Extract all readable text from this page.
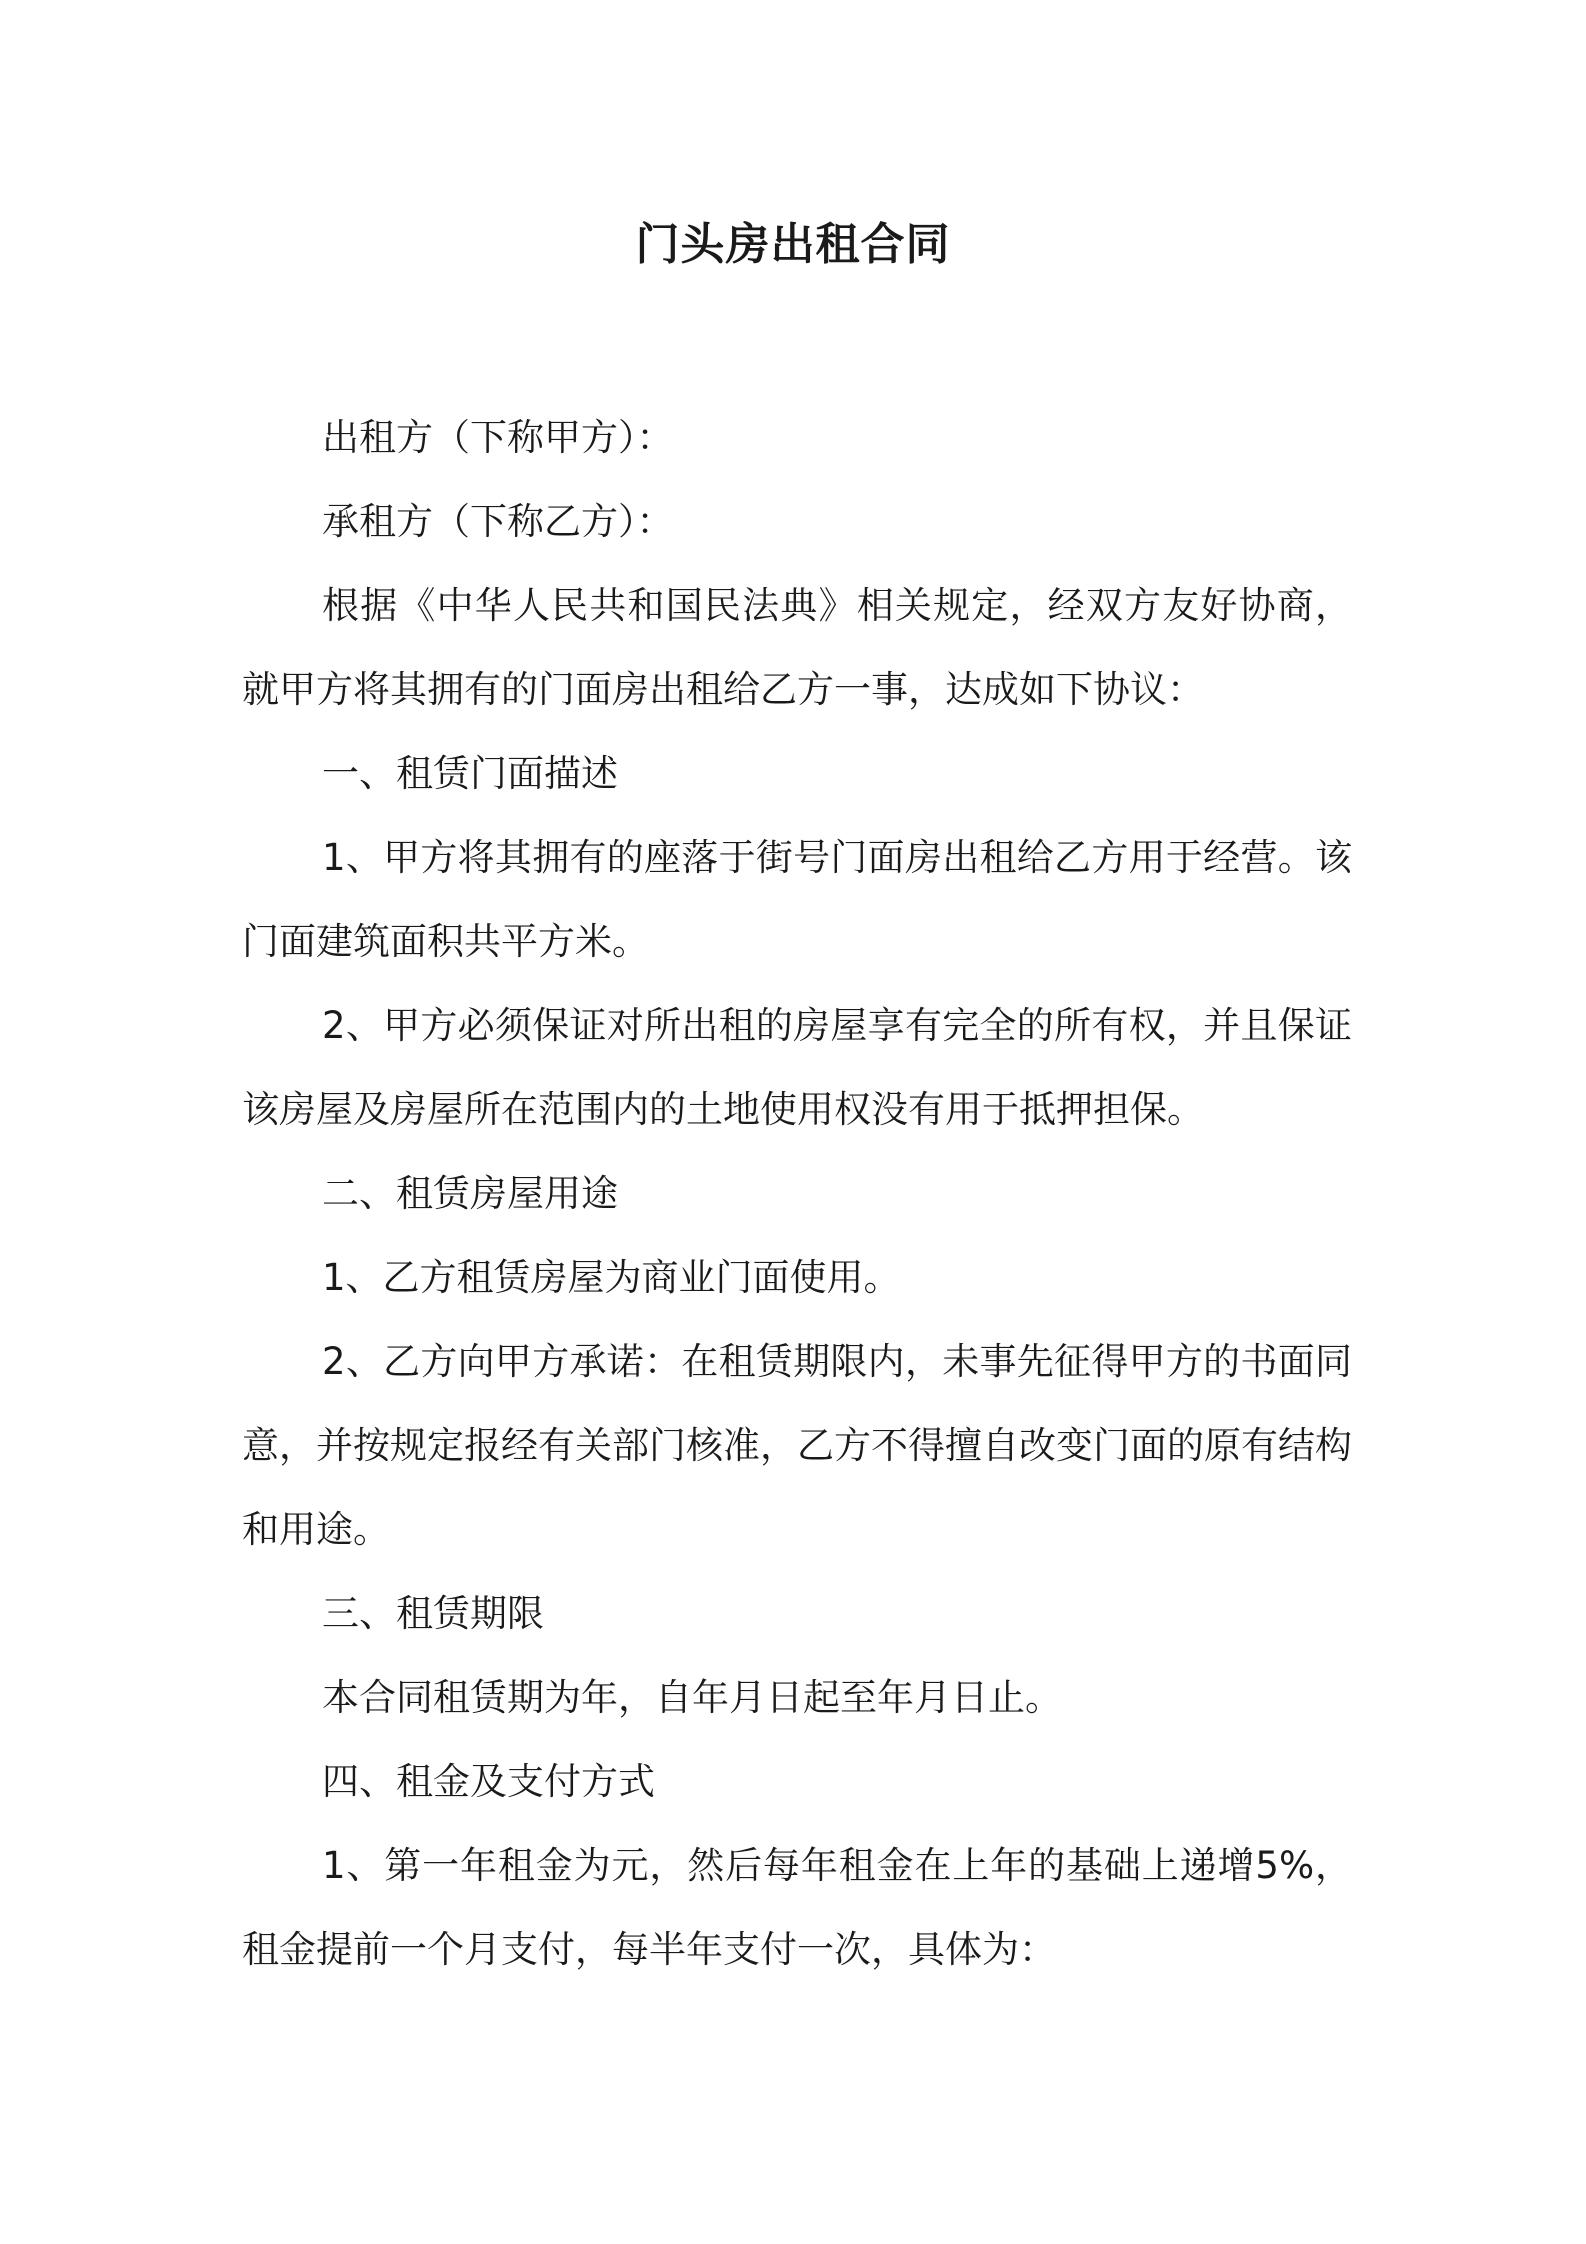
门头房出租合同

出租方（下称甲方）：

承租方（下称乙方）：

根据《中华人民共和国民法典》相关规定，经双方友好协商，就甲方将其拥有的门面房出租给乙方一事，达成如下协议：

一、租赁门面描述

1、甲方将其拥有的座落于街号门面房出租给乙方用于经营。该门面建筑面积共平方米。

2、甲方必须保证对所出租的房屋享有完全的所有权，并且保证该房屋及房屋所在范围内的土地使用权没有用于抵押担保。

二、租赁房屋用途

1、乙方租赁房屋为商业门面使用。

2、乙方向甲方承诺：在租赁期限内，未事先征得甲方的书面同意，并按规定报经有关部门核准，乙方不得擅自改变门面的原有结构和用途。

三、租赁期限

本合同租赁期为年，自年月日起至年月日止。

四、租金及支付方式

1、第一年租金为元，然后每年租金在上年的基础上递增5%，租金提前一个月支付，每半年支付一次，具体为：
